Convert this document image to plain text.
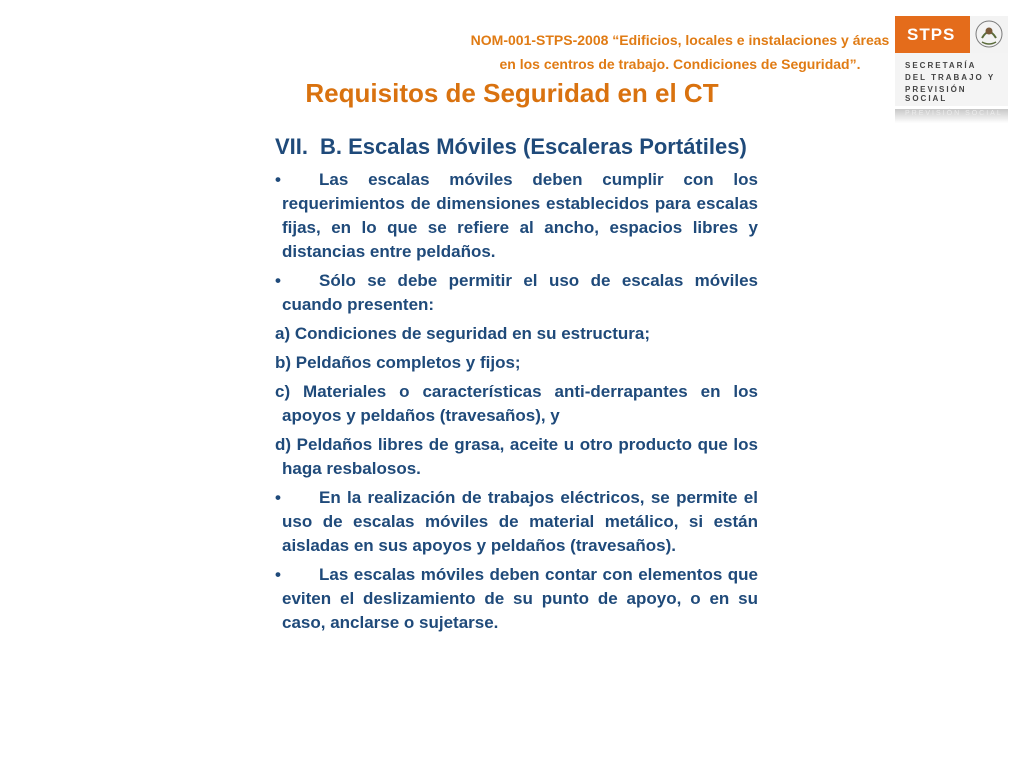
NOM-001-STPS-2008 “Edificios, locales e instalaciones y áreas
en los centros de trabajo. Condiciones de Seguridad”.
Requisitos de Seguridad en el CT
STPS
SECRETARÍA
DEL TRABAJO Y
PREVISIÓN SOCIAL
PREVISIÓN SOCIAL
VII. B. Escalas Móviles (Escaleras Portátiles)
• Las escalas móviles deben cumplir con los requerimientos de dimensiones establecidos para escalas fijas, en lo que se refiere al ancho, espacios libres y distancias entre peldaños.
• Sólo se debe permitir el uso de escalas móviles cuando presenten:
a) Condiciones de seguridad en su estructura;
b) Peldaños completos y fijos;
c) Materiales o características anti-derrapantes en los apoyos y peldaños (travesaños), y
d) Peldaños libres de grasa, aceite u otro producto que los haga resbalosos.
• En la realización de trabajos eléctricos, se permite el uso de escalas móviles de material metálico, si están aisladas en sus apoyos y peldaños (travesaños).
• Las escalas móviles deben contar con elementos que eviten el deslizamiento de su punto de apoyo, o en su caso, anclarse o sujetarse.
